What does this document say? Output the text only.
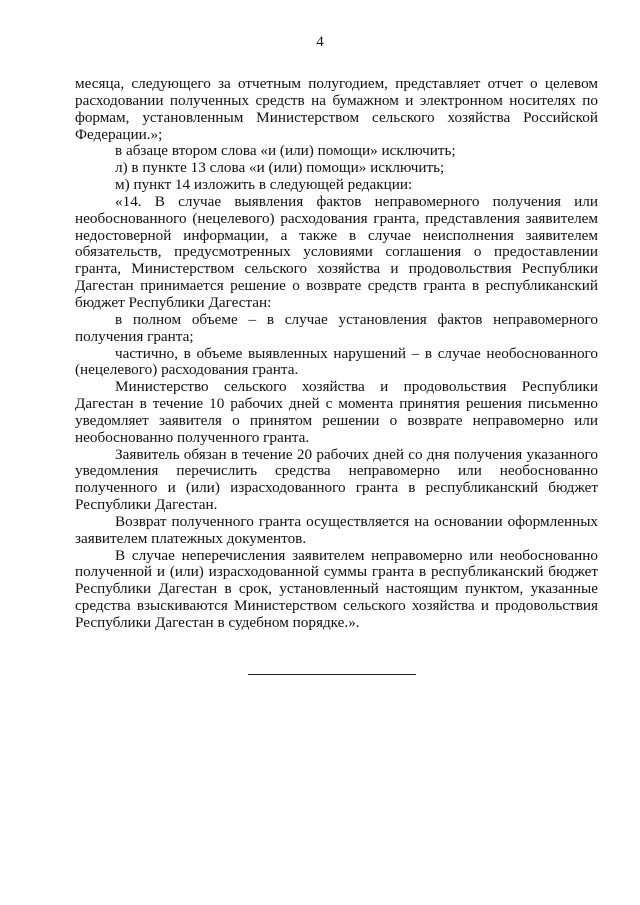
4

месяца, следующего за отчетным полугодием, представляет отчет о целевом расходовании полученных средств на бумажном и электронном носителях по формам, установленным Министерством сельского хозяйства Российской Федерации.»;

в абзаце втором слова «и (или) помощи» исключить;

л) в пункте 13 слова «и (или) помощи» исключить;

м) пункт 14 изложить в следующей редакции:

«14. В случае выявления фактов неправомерного получения или необоснованного (нецелевого) расходования гранта, представления заявителем недостоверной информации, а также в случае неисполнения заявителем обязательств, предусмотренных условиями соглашения о предоставлении гранта, Министерством сельского хозяйства и продовольствия Республики Дагестан принимается решение о возврате средств гранта в республиканский бюджет Республики Дагестан:

в полном объеме – в случае установления фактов неправомерного получения гранта;

частично, в объеме выявленных нарушений – в случае необоснованного (нецелевого) расходования гранта.

Министерство сельского хозяйства и продовольствия Республики Дагестан в течение 10 рабочих дней с момента принятия решения письменно уведомляет заявителя о принятом решении о возврате неправомерно или необоснованно полученного гранта.

Заявитель обязан в течение 20 рабочих дней со дня получения указанного уведомления перечислить средства неправомерно или необоснованно полученного и (или) израсходованного гранта в республиканский бюджет Республики Дагестан.

Возврат полученного гранта осуществляется на основании оформленных заявителем платежных документов.

В случае неперечисления заявителем неправомерно или необоснованно полученной и (или) израсходованной суммы гранта в республиканский бюджет Республики Дагестан в срок, установленный настоящим пунктом, указанные средства взыскиваются Министерством сельского хозяйства и продовольствия Республики Дагестан в судебном порядке.».
